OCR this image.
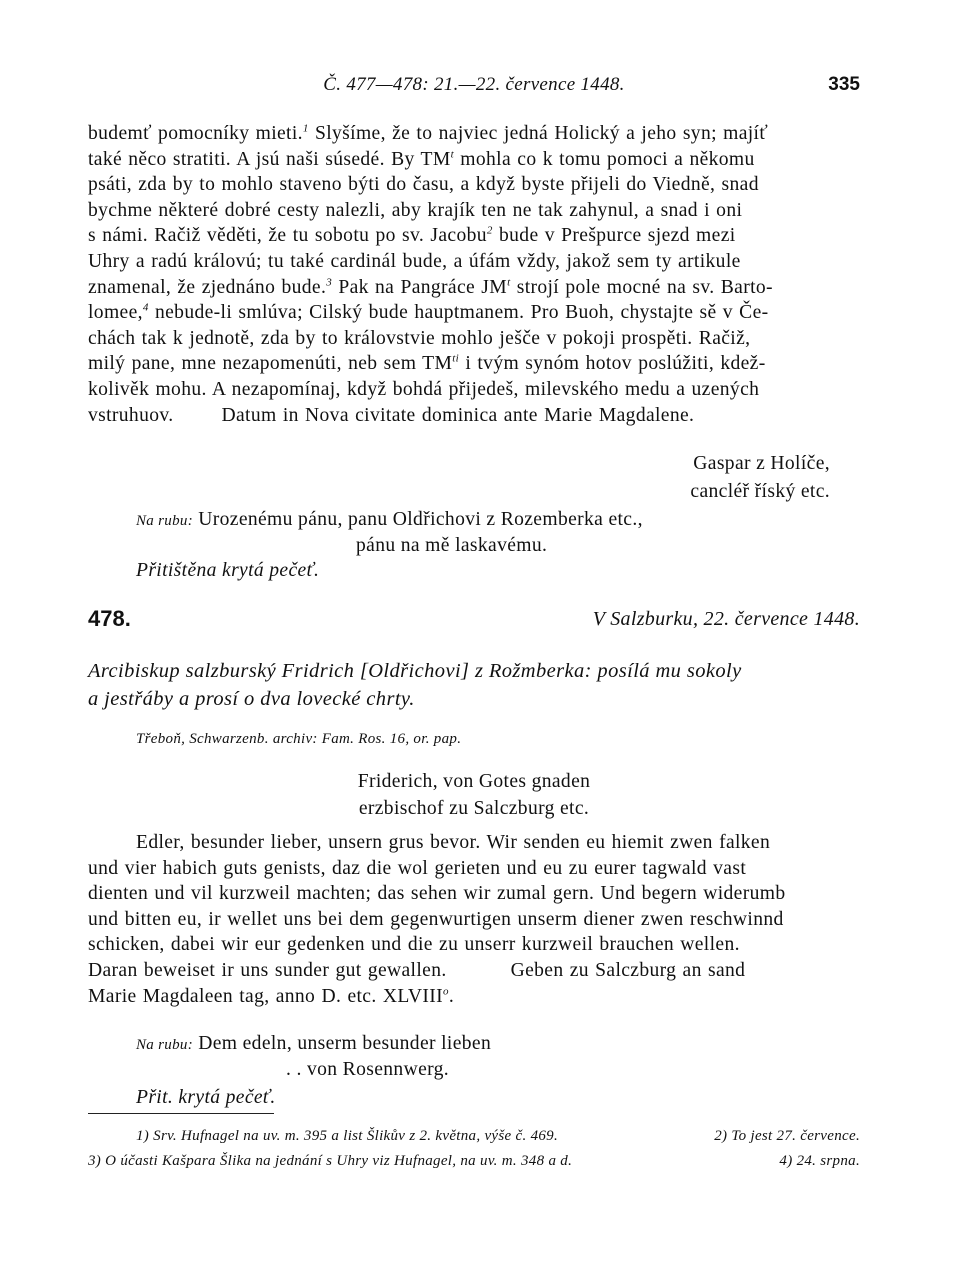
Č. 477—478: 21.—22. července 1448.	335

budemť pomocníky mieti.$^1$ Slyšíme, že to najviec jedná Holický a jeho syn; majíť

také něco stratiti. A jsú naši súsedé. By $TM^t$ mohla co k tomu pomoci a někomu

psáti, zda by to mohlo staveno býti do času, a když byste přijeli do Viedně, snad

bychme některé dobré cesty nalezli, aby krajík ten ne tak zahynul, a snad i oni

s námi. Račiž věděti, že tu sobotu po sv. Jacobu$^2$ bude v Prešpurce sjezd mezi

Uhry a radú královú; tu také cardinál bude, a úfám vždy, jakož sem ty artikule

znamenal, že zjednáno bude.$^3$ Pak na Pangráce $JM^t$ strojí pole mocné na sv. Barto-

lomee,$^4$ nebude-li smlúva; Cilský bude hauptmanem. Pro Buoh, chystajte sě v Če-

chách tak k jednotě, zda by to královstvie mohlo ješče v pokoji prospěti. Račiž,

milý pane, mne nezapomenúti, neb sem $TM^{ti}$ i tvým synóm hotov poslúžiti, kdež-

kolivěk mohu. A nezapomínaj, když bohdá přijedeš, milevského medu a uzených

vstruhuov. Datum in Nova civitate dominica ante Marie Magdalene.

Gaspar z Holíče,
cancléř říský etc.
Na rubu: Urozenému pánu, panu Oldřichovi z Rozemberka etc.,
pánu na mě laskavému.
Přitištěna krytá pečeť.
478.	V Salzburku, 22. července 1448.
Arcibiskup salzburský Fridrich [Oldřichovi] z Rožmberka: posílá mu sokoly
a jestřáby a prosí o dva lovecké chrty.
Třeboň, Schwarzenb. archiv: Fam. Ros. 16, or. pap.
Friderich, von Gotes gnaden
erzbischof zu Salczburg etc.

Edler, besunder lieber, unsern grus bevor. Wir senden eu hiemit zwen falken

und vier habich guts genists, daz die wol gerieten und eu zu eurer tagwald vast

dienten und vil kurzweil machten; das sehen wir zumal gern. Und begern widerumb

und bitten eu, ir wellet uns bei dem gegenwurtigen unserm diener zwen reschwinnd

schicken, dabei wir eur gedenken und die zu unserr kurzweil brauchen wellen.

Daran beweiset ir uns sunder gut gewallen.	Geben zu Salczburg an sand

Marie Magdaleen tag, anno D. etc. XLVIII$^o$.

Na rubu: Dem edeln, unserm besunder lieben
. . von Rosennwerg.
Přit. krytá pečeť.
1) Srv. Hufnagel na uv. m. 395 a list Šlikův z 2. května, výše č. 469.	2) To jest 27. července.
3) O účasti Kašpara Šlika na jednání s Uhry viz Hufnagel, na uv. m. 348 a d.	4) 24. srpna.
